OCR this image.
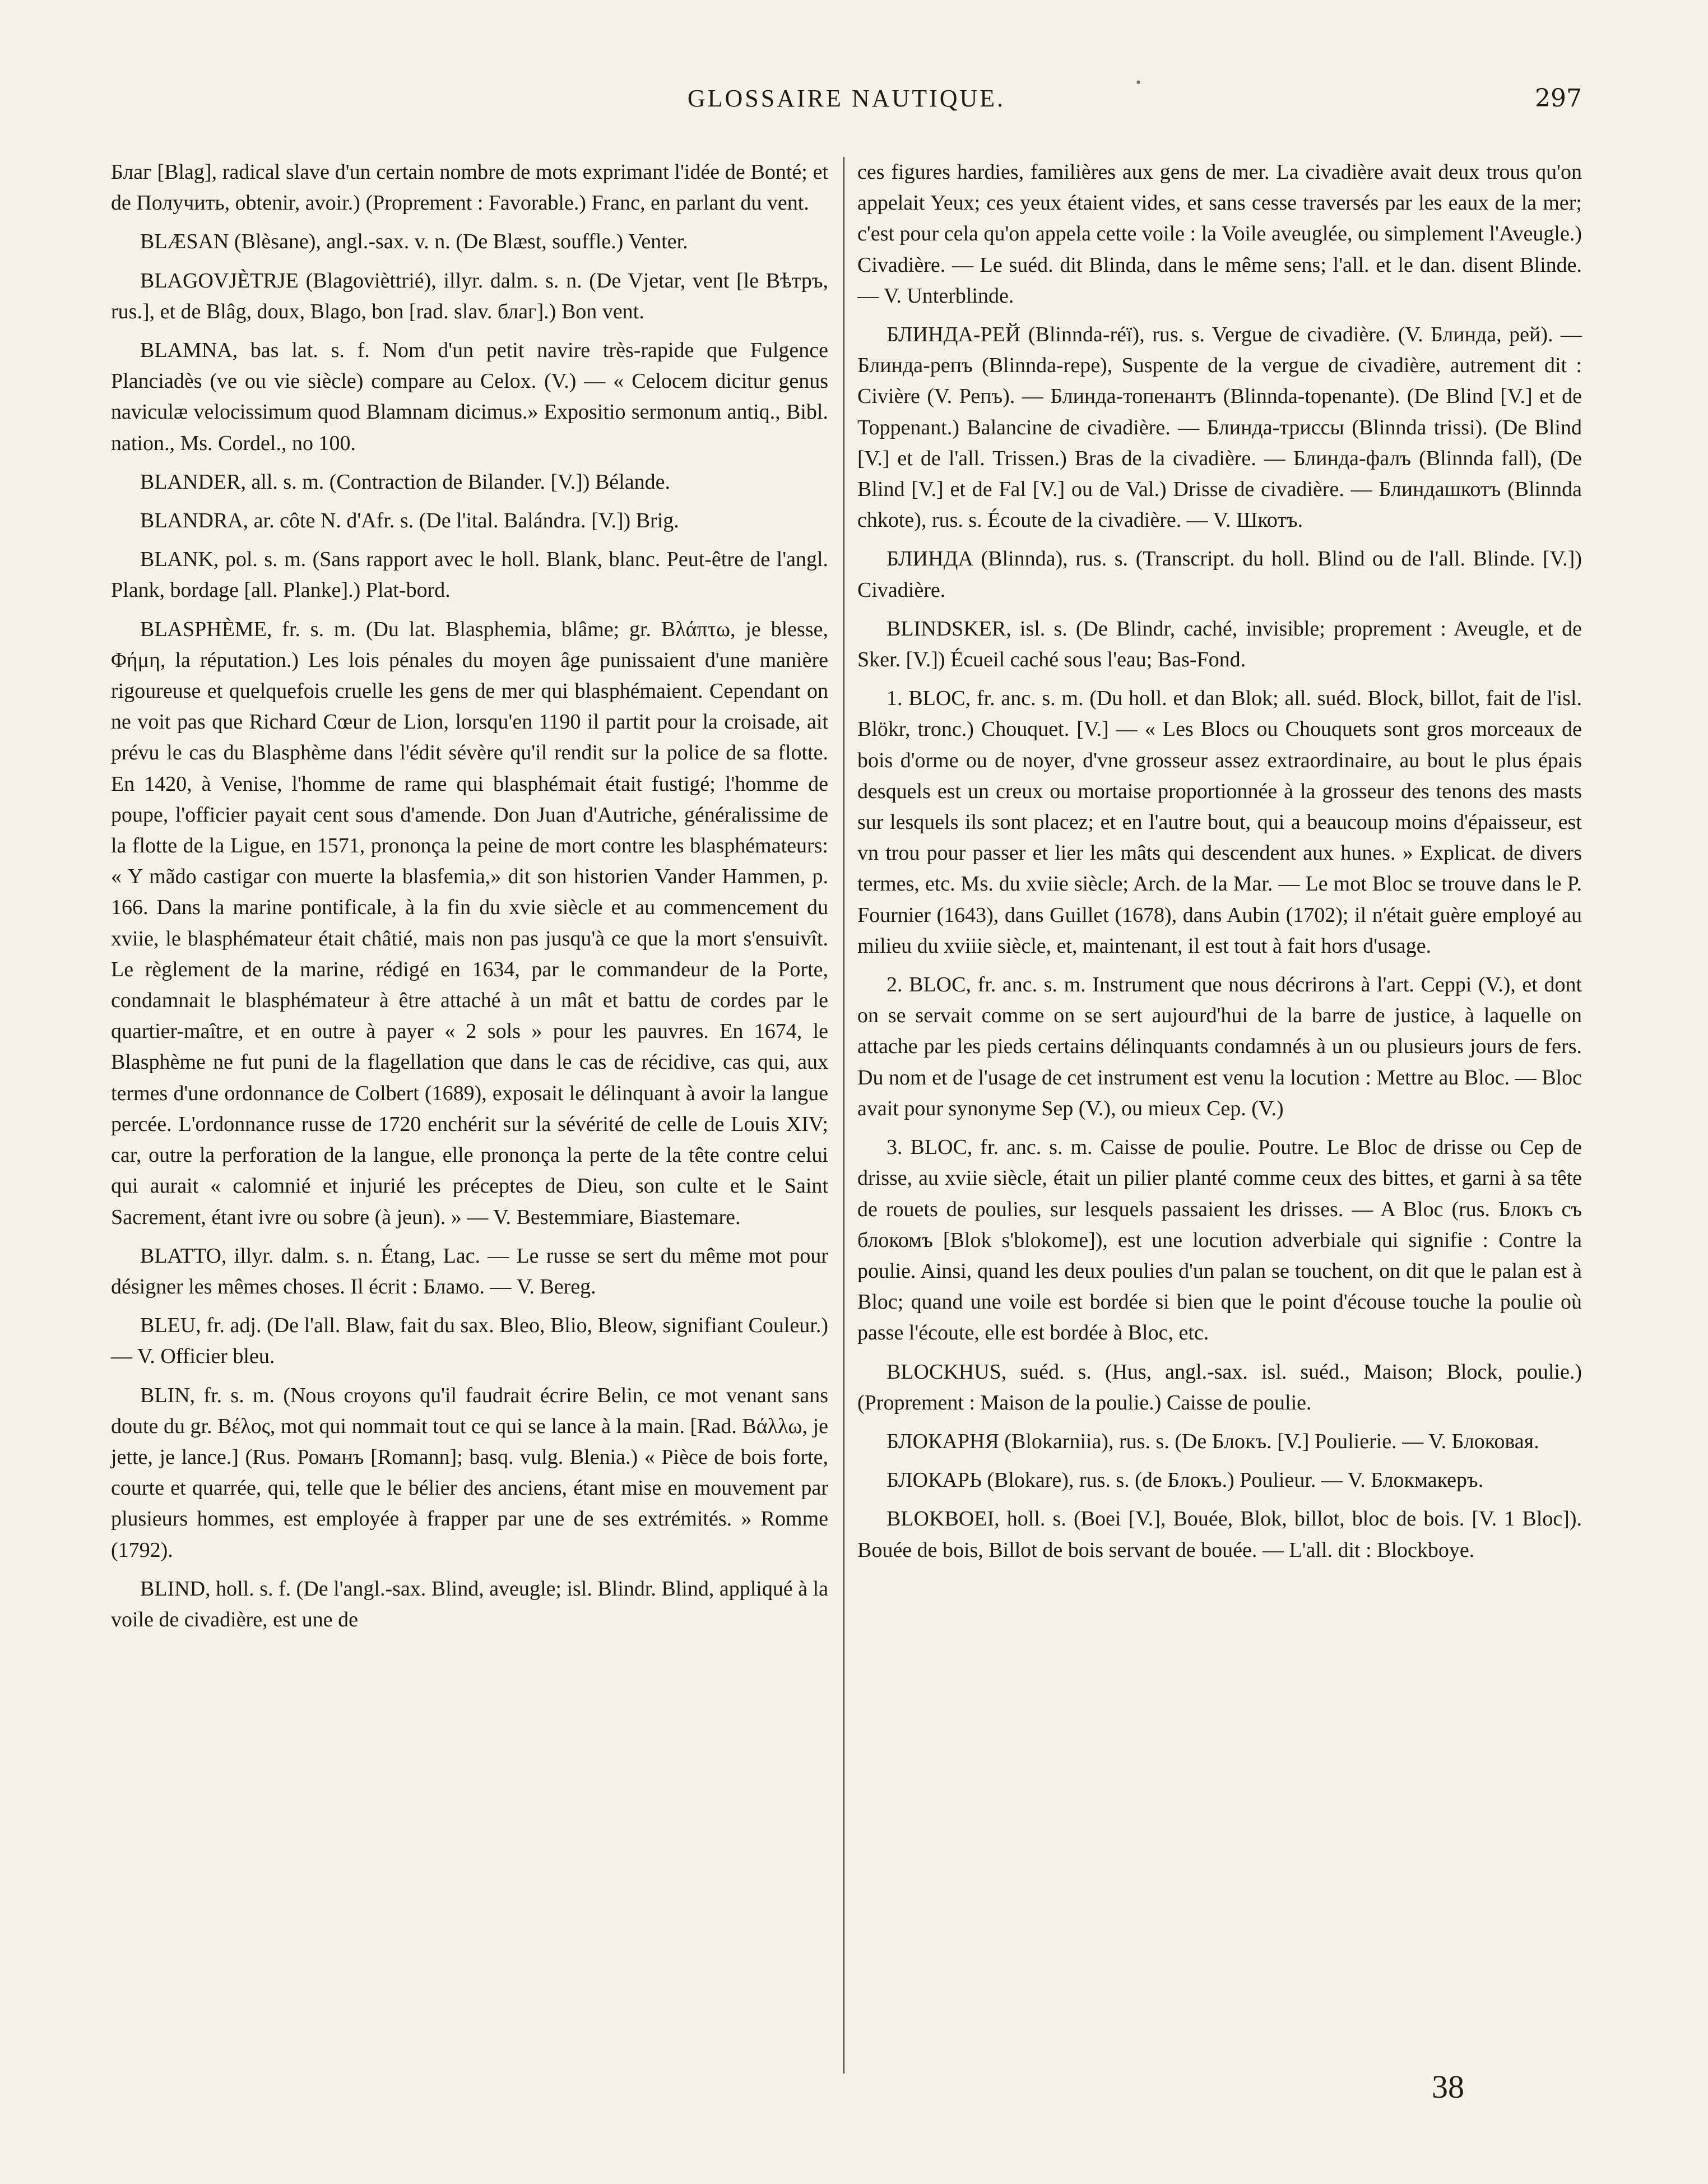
•
GLOSSAIRE NAUTIQUE.	297

Благ [Blag], radical slave d'un certain nombre de mots exprimant l'idée de Bonté; et de Получить, obtenir, avoir.) (Proprement : Favorable.) Franc, en parlant du vent.

BLÆSAN (Blèsane), angl.-sax. v. n. (De Blæst, souffle.) Venter.

BLAGOVJÈTRJE (Blagovièttrié), illyr. dalm. s. n. (De Vjetar, vent [le Вѣтръ, rus.], et de Blâg, doux, Blago, bon [rad. slav. благ].) Bon vent.

BLAMNA, bas lat. s. f. Nom d'un petit navire très-rapide que Fulgence Planciadès (ve ou vie siècle) compare au Celox. (V.) — « Celocem dicitur genus naviculæ velocissimum quod Blamnam dicimus.» Expositio sermonum antiq., Bibl. nation., Ms. Cordel., no 100.

BLANDER, all. s. m. (Contraction de Bilander. [V.]) Bélande.

BLANDRA, ar. côte N. d'Afr. s. (De l'ital. Balándra. [V.]) Brig.

BLANK, pol. s. m. (Sans rapport avec le holl. Blank, blanc. Peut-être de l'angl. Plank, bordage [all. Planke].) Plat-bord.

BLASPHÈME, fr. s. m. (Du lat. Blasphemia, blâme; gr. Βλάπτω, je blesse, Φήμη, la réputation.) Les lois pénales du moyen âge punissaient d'une manière rigoureuse et quelquefois cruelle les gens de mer qui blasphémaient. Cependant on ne voit pas que Richard Cœur de Lion, lorsqu'en 1190 il partit pour la croisade, ait prévu le cas du Blasphème dans l'édit sévère qu'il rendit sur la police de sa flotte. En 1420, à Venise, l'homme de rame qui blasphémait était fustigé; l'homme de poupe, l'officier payait cent sous d'amende. Don Juan d'Autriche, généralissime de la flotte de la Ligue, en 1571, prononça la peine de mort contre les blasphémateurs: « Y mãdo castigar con muerte la blasfemia,» dit son historien Vander Hammen, p. 166. Dans la marine pontificale, à la fin du xvie siècle et au commencement du xviie, le blasphémateur était châtié, mais non pas jusqu'à ce que la mort s'ensuivît. Le règlement de la marine, rédigé en 1634, par le commandeur de la Porte, condamnait le blasphémateur à être attaché à un mât et battu de cordes par le quartier-maître, et en outre à payer « 2 sols » pour les pauvres. En 1674, le Blasphème ne fut puni de la flagellation que dans le cas de récidive, cas qui, aux termes d'une ordonnance de Colbert (1689), exposait le délinquant à avoir la langue percée. L'ordonnance russe de 1720 enchérit sur la sévérité de celle de Louis XIV; car, outre la perforation de la langue, elle prononça la perte de la tête contre celui qui aurait « calomnié et injurié les préceptes de Dieu, son culte et le Saint Sacrement, étant ivre ou sobre (à jeun). » — V. Bestemmiare, Biastemare.

BLATTO, illyr. dalm. s. n. Étang, Lac. — Le russe se sert du même mot pour désigner les mêmes choses. Il écrit : Бламо. — V. Bereg.

BLEU, fr. adj. (De l'all. Blaw, fait du sax. Bleo, Blio, Bleow, signifiant Couleur.) — V. Officier bleu.

BLIN, fr. s. m. (Nous croyons qu'il faudrait écrire Belin, ce mot venant sans doute du gr. Βέλος, mot qui nommait tout ce qui se lance à la main. [Rad. Βάλλω, je jette, je lance.] (Rus. Романъ [Romann]; basq. vulg. Blenia.) « Pièce de bois forte, courte et quarrée, qui, telle que le bélier des anciens, étant mise en mouvement par plusieurs hommes, est employée à frapper par une de ses extrémités. » Romme (1792).

BLIND, holl. s. f. (De l'angl.-sax. Blind, aveugle; isl. Blindr. Blind, appliqué à la voile de civadière, est une de

ces figures hardies, familières aux gens de mer. La civadière avait deux trous qu'on appelait Yeux; ces yeux étaient vides, et sans cesse traversés par les eaux de la mer; c'est pour cela qu'on appela cette voile : la Voile aveuglée, ou simplement l'Aveugle.) Civadière. — Le suéd. dit Blinda, dans le même sens; l'all. et le dan. disent Blinde. — V. Unterblinde.

БЛИНДА-РЕЙ (Blinnda-réï), rus. s. Vergue de civadière. (V. Блинда, рей). — Блинда-репъ (Blinnda-repe), Suspente de la vergue de civadière, autrement dit : Civière (V. Репъ). — Блинда-топенантъ (Blinnda-topenante). (De Blind [V.] et de Toppenant.) Balancine de civadière. — Блинда-триссы (Blinnda trissi). (De Blind [V.] et de l'all. Trissen.) Bras de la civadière. — Блинда-фалъ (Blinnda fall), (De Blind [V.] et de Fal [V.] ou de Val.) Drisse de civadière. — Блиндашкотъ (Blinnda chkote), rus. s. Écoute de la civadière. — V. Шкотъ.

БЛИНДА (Blinnda), rus. s. (Transcript. du holl. Blind ou de l'all. Blinde. [V.]) Civadière.

BLINDSKER, isl. s. (De Blindr, caché, invisible; proprement : Aveugle, et de Sker. [V.]) Écueil caché sous l'eau; Bas-Fond.

1. BLOC, fr. anc. s. m. (Du holl. et dan Blok; all. suéd. Block, billot, fait de l'isl. Blökr, tronc.) Chouquet. [V.] — « Les Blocs ou Chouquets sont gros morceaux de bois d'orme ou de noyer, d'vne grosseur assez extraordinaire, au bout le plus épais desquels est un creux ou mortaise proportionnée à la grosseur des tenons des masts sur lesquels ils sont placez; et en l'autre bout, qui a beaucoup moins d'épaisseur, est vn trou pour passer et lier les mâts qui descendent aux hunes. » Explicat. de divers termes, etc. Ms. du xviie siècle; Arch. de la Mar. — Le mot Bloc se trouve dans le P. Fournier (1643), dans Guillet (1678), dans Aubin (1702); il n'était guère employé au milieu du xviiie siècle, et, maintenant, il est tout à fait hors d'usage.

2. BLOC, fr. anc. s. m. Instrument que nous décrirons à l'art. Ceppi (V.), et dont on se servait comme on se sert aujourd'hui de la barre de justice, à laquelle on attache par les pieds certains délinquants condamnés à un ou plusieurs jours de fers. Du nom et de l'usage de cet instrument est venu la locution : Mettre au Bloc. — Bloc avait pour synonyme Sep (V.), ou mieux Cep. (V.)

3. BLOC, fr. anc. s. m. Caisse de poulie. Poutre. Le Bloc de drisse ou Cep de drisse, au xviie siècle, était un pilier planté comme ceux des bittes, et garni à sa tête de rouets de poulies, sur lesquels passaient les drisses. — A Bloc (rus. Блокъ съ блокомъ [Blok s'blokome]), est une locution adverbiale qui signifie : Contre la poulie. Ainsi, quand les deux poulies d'un palan se touchent, on dit que le palan est à Bloc; quand une voile est bordée si bien que le point d'écouse touche la poulie où passe l'écoute, elle est bordée à Bloc, etc.

BLOCKHUS, suéd. s. (Hus, angl.-sax. isl. suéd., Maison; Block, poulie.) (Proprement : Maison de la poulie.) Caisse de poulie.

БЛОКАРНЯ (Blokarniia), rus. s. (De Блокъ. [V.] Poulierie. — V. Блоковая.

БЛОКАРЬ (Blokare), rus. s. (de Блокъ.) Poulieur. — V. Блокмакеръ.

BLOKBOEI, holl. s. (Boei [V.], Bouée, Blok, billot, bloc de bois. [V. 1 Bloc]). Bouée de bois, Billot de bois servant de bouée. — L'all. dit : Blockboye.

38
